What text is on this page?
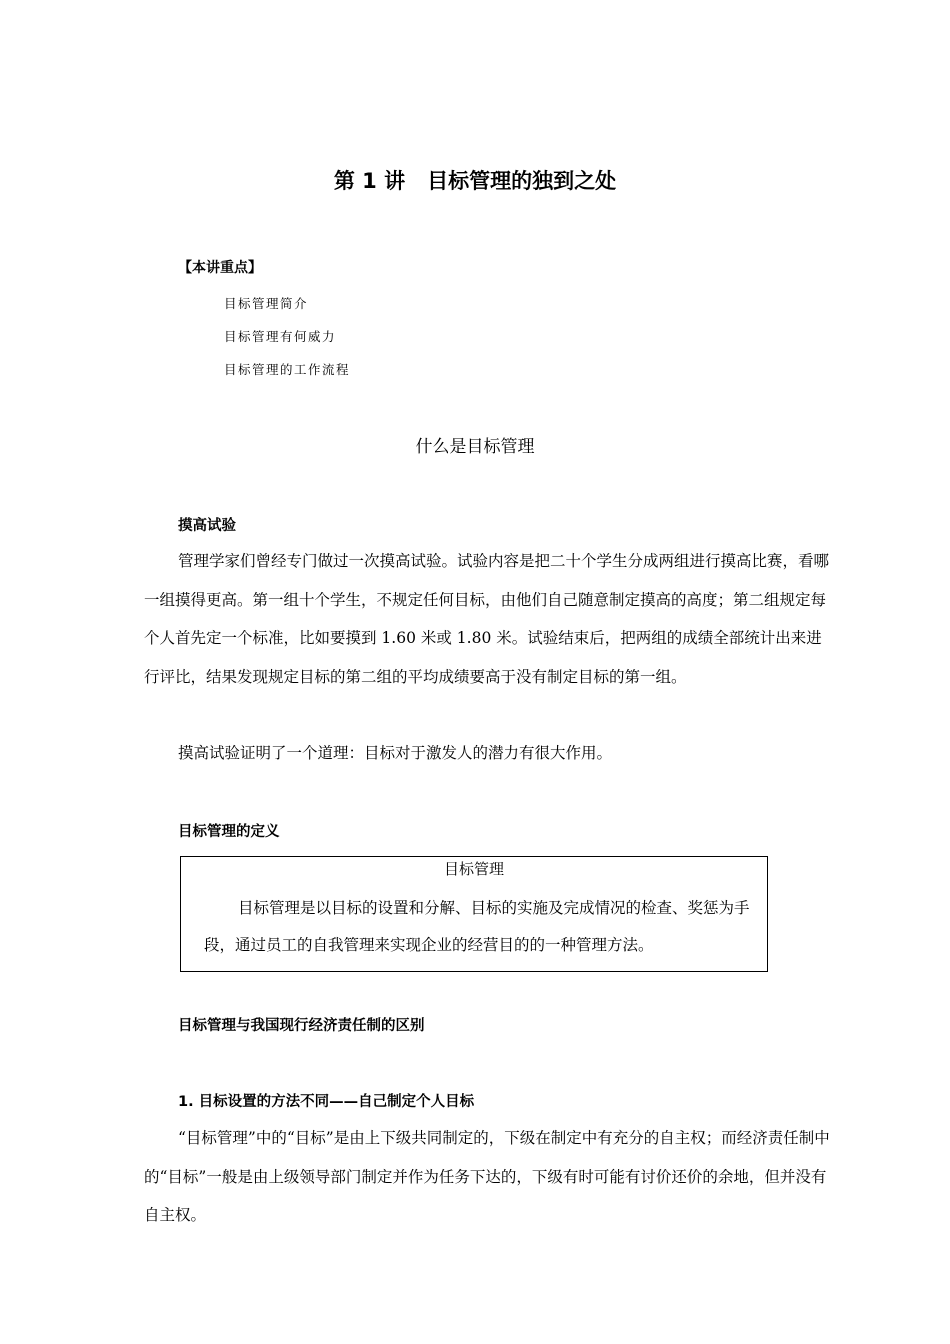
第 1 讲 目标管理的独到之处
【本讲重点】
目标管理简介
目标管理有何威力
目标管理的工作流程
什么是目标管理
摸高试验

管理学家们曾经专门做过一次摸高试验。试验内容是把二十个学生分成两组进行摸高比赛，看哪一组摸得更高。第一组十个学生，不规定任何目标，由他们自己随意制定摸高的高度；第二组规定每个人首先定一个标准，比如要摸到 1.60 米或 1.80 米。试验结束后，把两组的成绩全部统计出来进行评比，结果发现规定目标的第二组的平均成绩要高于没有制定目标的第一组。

摸高试验证明了一个道理：目标对于激发人的潜力有很大作用。

目标管理的定义
目标管理

目标管理是以目标的设置和分解、目标的实施及完成情况的检查、奖惩为手段，通过员工的自我管理来实现企业的经营目的的一种管理方法。

目标管理与我国现行经济责任制的区别
1. 目标设置的方法不同——自己制定个人目标

“目标管理”中的“目标”是由上下级共同制定的，下级在制定中有充分的自主权；而经济责任制中的“目标”一般是由上级领导部门制定并作为任务下达的，下级有时可能有讨价还价的余地，但并没有自主权。
